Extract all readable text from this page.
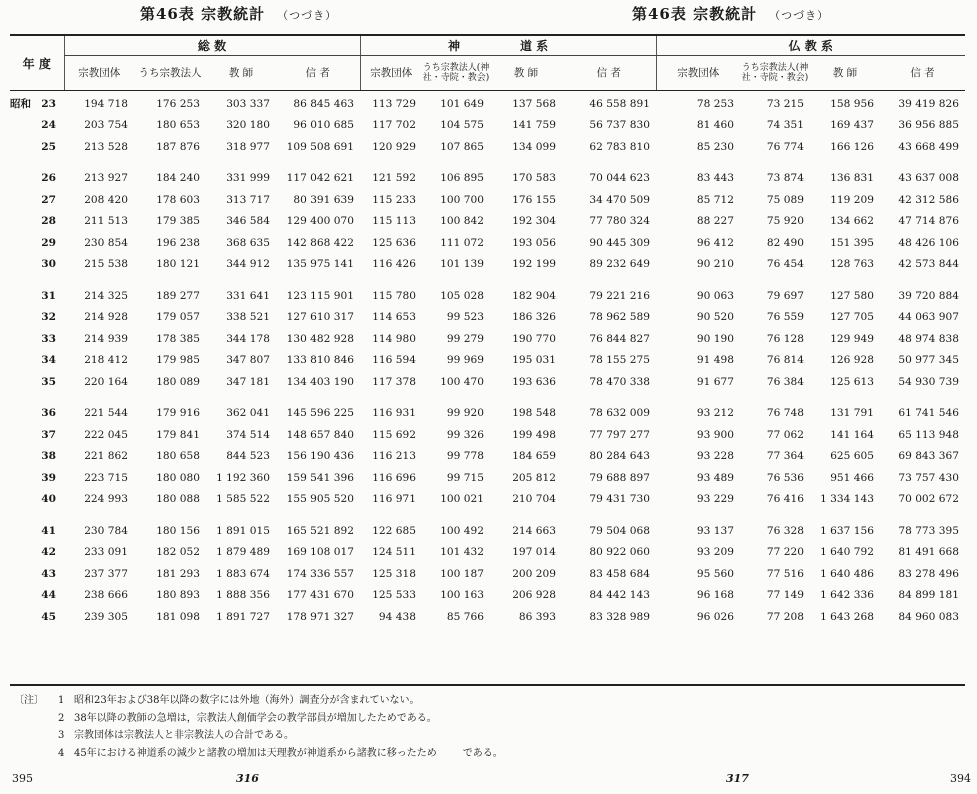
第46表 宗教統計 （つづき）
年 度		総 数				神	
		宗教団体	うち宗教法人	教 師	信 者	宗教団体	うち宗教法人(神社・寺院・教会)
昭和	23	194 718	176 253	303 337	86 845 463	113 729	101 649
	24	203 754	180 653	320 180	96 010 685	117 702	104 575
	25	213 528	187 876	318 977	109 508 691	120 929	107 865

	26	213 927	184 240	331 999	117 042 621	121 592	106 895
	27	208 420	178 603	313 717	80 391 639	115 233	100 700
	28	211 513	179 385	346 584	129 400 070	115 113	100 842
	29	230 854	196 238	368 635	142 868 422	125 636	111 072
	30	215 538	180 121	344 912	135 975 141	116 426	101 139

	31	214 325	189 277	331 641	123 115 901	115 780	105 028
	32	214 928	179 057	338 521	127 610 317	114 653	99 523
	33	214 939	178 385	344 178	130 482 928	114 980	99 279
	34	218 412	179 985	347 807	133 810 846	116 594	99 969
	35	220 164	180 089	347 181	134 403 190	117 378	100 470

	36	221 544	179 916	362 041	145 596 225	116 931	99 920
	37	222 045	179 841	374 514	148 657 840	115 692	99 326
	38	221 862	180 658	844 523	156 190 436	116 213	99 778
	39	223 715	180 080	1 192 360	159 541 396	116 696	99 715
	40	224 993	180 088	1 585 522	155 905 520	116 971	100 021

	41	230 784	180 156	1 891 015	165 521 892	122 685	100 492
	42	233 091	182 052	1 879 489	169 108 017	124 511	101 432
	43	237 377	181 293	1 883 674	174 336 557	125 318	100 187
	44	238 666	180 893	1 888 356	177 431 670	125 533	100 163
	45	239 305	181 098	1 891 727	178 971 327	94 438	85 766
〔注〕 1 昭和23年および38年以降の数字には外地（海外）調査分が含まれていない。
2 38年以降の教師の急増は，宗教法人創価学会の教学部員が増加したためである。
3 宗教団体は宗教法人と非宗教法人の合計である。
4 45年における神道系の減少と諸教の増加は天理教が神道系から諸教に移ったため	である。
395	316
第46表 宗教統計 （つづき）
道 系		仏 教 系			
教 師	信 者	宗教団体	うち宗教法人(神社・寺院・教会)	教 師	信 者
137 568	46 558 891	78 253	73 215	158 956	39 419 826
141 759	56 737 830	81 460	74 351	169 437	36 956 885
134 099	62 783 810	85 230	76 774	166 126	43 668 499

170 583	70 044 623	83 443	73 874	136 831	43 637 008
176 155	34 470 509	85 712	75 089	119 209	42 312 586
192 304	77 780 324	88 227	75 920	134 662	47 714 876
193 056	90 445 309	96 412	82 490	151 395	48 426 106
192 199	89 232 649	90 210	76 454	128 763	42 573 844

182 904	79 221 216	90 063	79 697	127 580	39 720 884
186 326	78 962 589	90 520	76 559	127 705	44 063 907
190 770	76 844 827	90 190	76 128	129 949	48 974 838
195 031	78 155 275	91 498	76 814	126 928	50 977 345
193 636	78 470 338	91 677	76 384	125 613	54 930 739

198 548	78 632 009	93 212	76 748	131 791	61 741 546
199 498	77 797 277	93 900	77 062	141 164	65 113 948
184 659	80 284 643	93 228	77 364	625 605	69 843 367
205 812	79 688 897	93 489	76 536	951 466	73 757 430
210 704	79 431 730	93 229	76 416	1 334 143	70 002 672

214 663	79 504 068	93 137	76 328	1 637 156	78 773 395
197 014	80 922 060	93 209	77 220	1 640 792	81 491 668
200 209	83 458 684	95 560	77 516	1 640 486	83 278 496
206 928	84 442 143	96 168	77 149	1 642 336	84 899 181
86 393	83 328 989	96 026	77 208	1 643 268	84 960 083
317	394
